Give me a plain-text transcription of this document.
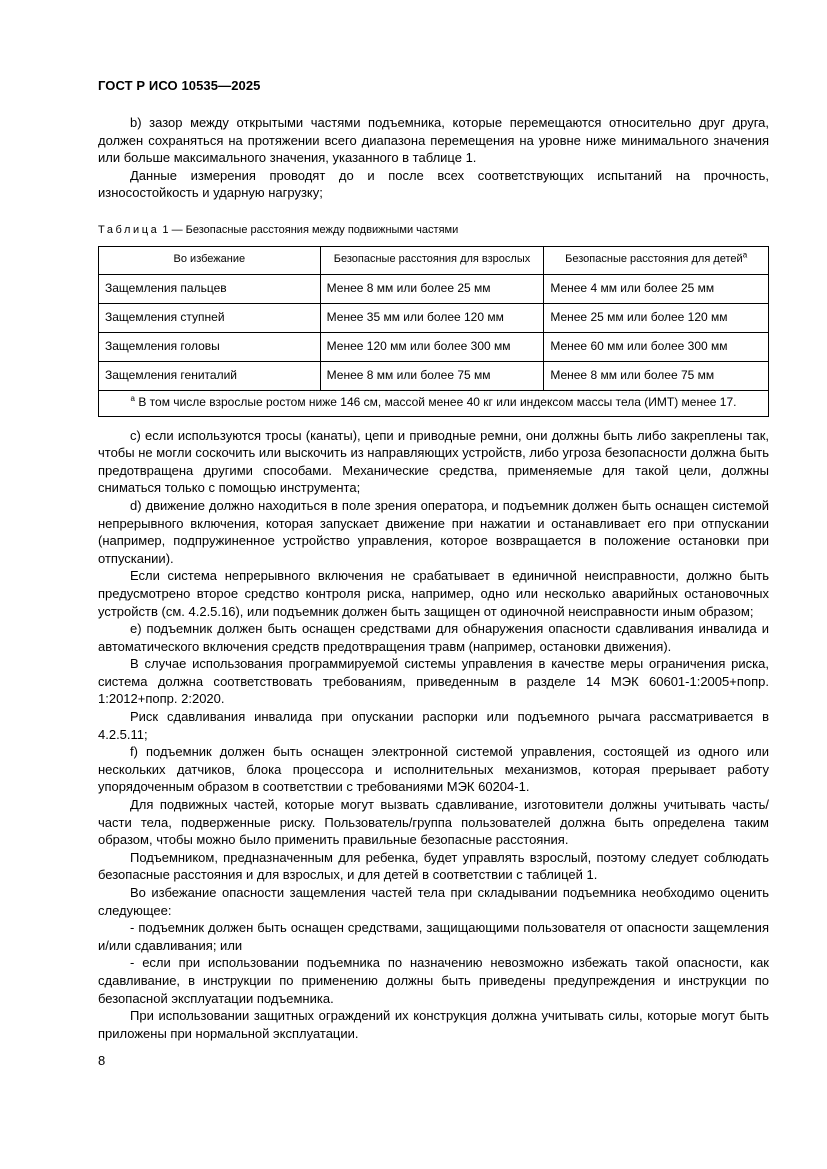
ГОСТ Р ИСО 10535—2025

b) зазор между открытыми частями подъемника, которые перемещаются относительно друг друга, должен сохраняться на протяжении всего диапазона перемещения на уровне ниже минимального значения или больше максимального значения, указанного в таблице 1.

Данные измерения проводят до и после всех соответствующих испытаний на прочность, износостойкость и ударную нагрузку;

Таблица 1 — Безопасные расстояния между подвижными частями
Во избежание	Безопасные расстояния для взрослых	Безопасные расстояния для детей$^a$
Защемления пальцев	Менее 8 мм или более 25 мм	Менее 4 мм или более 25 мм
Защемления ступней	Менее 35 мм или более 120 мм	Менее 25 мм или более 120 мм
Защемления головы	Менее 120 мм или более 300 мм	Менее 60 мм или более 300 мм
Защемления гениталий	Менее 8 мм или более 75 мм	Менее 8 мм или более 75 мм
$^a$ В том числе взрослые ростом ниже 146 см, массой менее 40 кг или индексом массы тела (ИМТ) менее 17.		

c) если используются тросы (канаты), цепи и приводные ремни, они должны быть либо закреплены так, чтобы не могли соскочить или выскочить из направляющих устройств, либо угроза безопасности должна быть предотвращена другими способами. Механические средства, применяемые для такой цели, должны сниматься только с помощью инструмента;

d) движение должно находиться в поле зрения оператора, и подъемник должен быть оснащен системой непрерывного включения, которая запускает движение при нажатии и останавливает его при отпускании (например, подпружиненное устройство управления, которое возвращается в положение остановки при отпускании).

Если система непрерывного включения не срабатывает в единичной неисправности, должно быть предусмотрено второе средство контроля риска, например, одно или несколько аварийных остановочных устройств (см. 4.2.5.16), или подъемник должен быть защищен от одиночной неисправности иным образом;

e) подъемник должен быть оснащен средствами для обнаружения опасности сдавливания инвалида и автоматического включения средств предотвращения травм (например, остановки движения).

В случае использования программируемой системы управления в качестве меры ограничения риска, система должна соответствовать требованиям, приведенным в разделе 14 МЭК 60601-1:2005+попр. 1:2012+попр. 2:2020.

Риск сдавливания инвалида при опускании распорки или подъемного рычага рассматривается в 4.2.5.11;

f) подъемник должен быть оснащен электронной системой управления, состоящей из одного или нескольких датчиков, блока процессора и исполнительных механизмов, которая прерывает работу упорядоченным образом в соответствии с требованиями МЭК 60204-1.

Для подвижных частей, которые могут вызвать сдавливание, изготовители должны учитывать часть/части тела, подверженные риску. Пользователь/группа пользователей должна быть определена таким образом, чтобы можно было применить правильные безопасные расстояния.

Подъемником, предназначенным для ребенка, будет управлять взрослый, поэтому следует соблюдать безопасные расстояния и для взрослых, и для детей в соответствии с таблицей 1.

Во избежание опасности защемления частей тела при складывании подъемника необходимо оценить следующее:

- подъемник должен быть оснащен средствами, защищающими пользователя от опасности защемления и/или сдавливания; или

- если при использовании подъемника по назначению невозможно избежать такой опасности, как сдавливание, в инструкции по применению должны быть приведены предупреждения и инструкции по безопасной эксплуатации подъемника.

При использовании защитных ограждений их конструкция должна учитывать силы, которые могут быть приложены при нормальной эксплуатации.

8
